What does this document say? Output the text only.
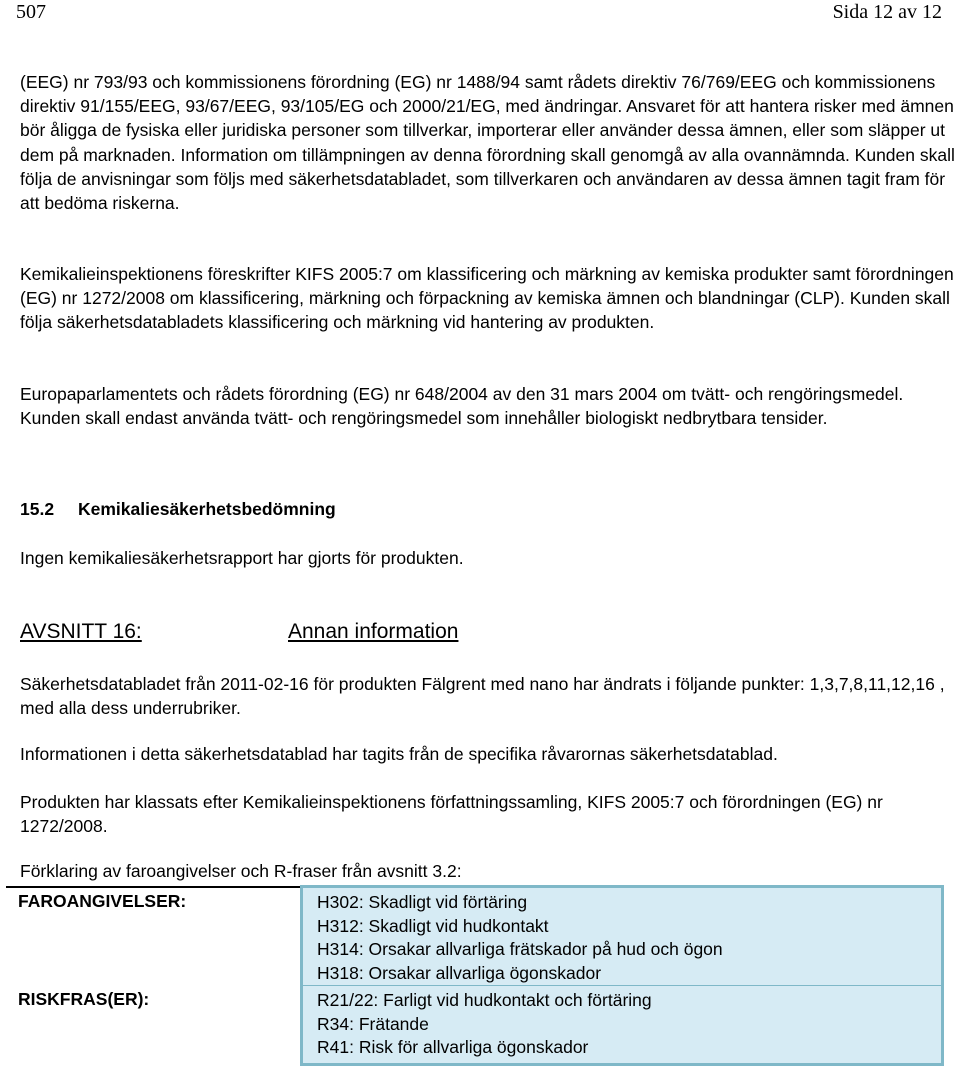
507	Sida 12 av 12

(EEG) nr 793/93 och kommissionens förordning (EG) nr 1488/94 samt rådets direktiv 76/769/EEG och kommissionens direktiv 91/155/EEG, 93/67/EEG, 93/105/EG och 2000/21/EG, med ändringar. Ansvaret för att hantera risker med ämnen bör åligga de fysiska eller juridiska personer som tillverkar, importerar eller använder dessa ämnen, eller som släpper ut dem på marknaden. Information om tillämpningen av denna förordning skall genomgå av alla ovannämnda. Kunden skall följa de anvisningar som följs med säkerhetsdatabladet, som tillverkaren och användaren av dessa ämnen tagit fram för att bedöma riskerna.

Kemikalieinspektionens föreskrifter KIFS 2005:7 om klassificering och märkning av kemiska produkter samt förordningen (EG) nr 1272/2008 om klassificering, märkning och förpackning av kemiska ämnen och blandningar (CLP). Kunden skall följa säkerhetsdatabladets klassificering och märkning vid hantering av produkten.

Europaparlamentets och rådets förordning (EG) nr 648/2004 av den 31 mars 2004 om tvätt- och rengöringsmedel. Kunden skall endast använda tvätt- och rengöringsmedel som innehåller biologiskt nedbrytbara tensider.

15.2 Kemikaliesäkerhetsbedömning

Ingen kemikaliesäkerhetsrapport har gjorts för produkten.

AVSNITT 16:	Annan information

Säkerhetsdatabladet från 2011-02-16 för produkten Fälgrent med nano har ändrats i följande punkter: 1,3,7,8,11,12,16 , med alla dess underrubriker.

Informationen i detta säkerhetsdatablad har tagits från de specifika råvarornas säkerhetsdatablad.

Produkten har klassats efter Kemikalieinspektionens författningssamling, KIFS 2005:7 och förordningen (EG) nr 1272/2008.

Förklaring av faroangivelser och R-fraser från avsnitt 3.2:

FAROANGIVELSER:	H302: Skadligt vid förtäring
H312: Skadligt vid hudkontakt
H314: Orsakar allvarliga frätskador på hud och ögon
H318: Orsakar allvarliga ögonskador

RISKFRAS(ER):	R21/22: Farligt vid hudkontakt och förtäring
R34: Frätande
R41: Risk för allvarliga ögonskador
